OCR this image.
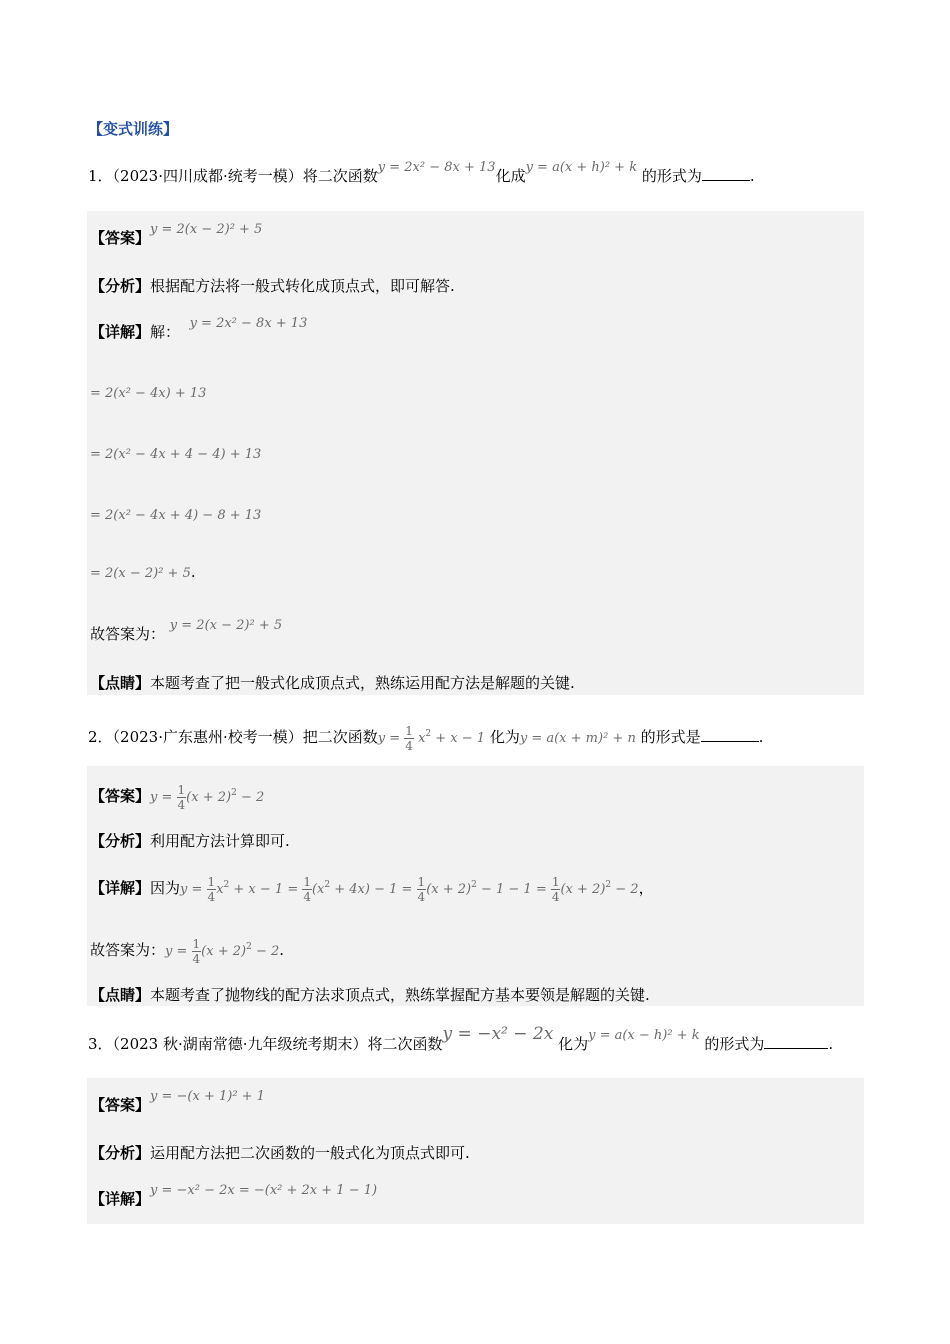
【变式训练】
1．（2023·四川成都·统考一模）将二次函数y = 2x² − 8x + 13化成y = a(x + h)² + k 的形式为	.
【答案】y = 2(x − 2)² + 5
【分析】根据配方法将一般式转化成顶点式，即可解答.
【详解】解： y = 2x² − 8x + 13
= 2(x² − 4x) + 13
= 2(x² − 4x + 4 − 4) + 13
= 2(x² − 4x + 4) − 8 + 13
= 2(x − 2)² + 5.
故答案为： y = 2(x − 2)² + 5
【点睛】本题考查了把一般式化成顶点式，熟练运用配方法是解题的关键.
2．（2023·广东惠州·校考一模）把二次函数$y = \frac{1}{4} x^2 + x - 1$ 化为y = a(x + m)² + n 的形式是	.
【答案】$y = \frac{1}{4} (x + 2)^2 - 2$
【分析】利用配方法计算即可.
【详解】因为$y = \frac{1}{4} x^2 + x - 1 = \frac{1}{4} (x^2 + 4x) - 1 = \frac{1}{4} (x + 2)^2 - 1 - 1 = \frac{1}{4} (x + 2)^2 - 2$，
故答案为：$y = \frac{1}{4} (x + 2)^2 - 2$.
【点睛】本题考查了抛物线的配方法求顶点式，熟练掌握配方基本要领是解题的关键.
3．（2023 秋·湖南常德·九年级统考期末）将二次函数y = −x² − 2x 化为y = a(x − h)² + k 的形式为	.
【答案】y = −(x + 1)² + 1
【分析】运用配方法把二次函数的一般式化为顶点式即可.
【详解】y = −x² − 2x = −(x² + 2x + 1 − 1)
